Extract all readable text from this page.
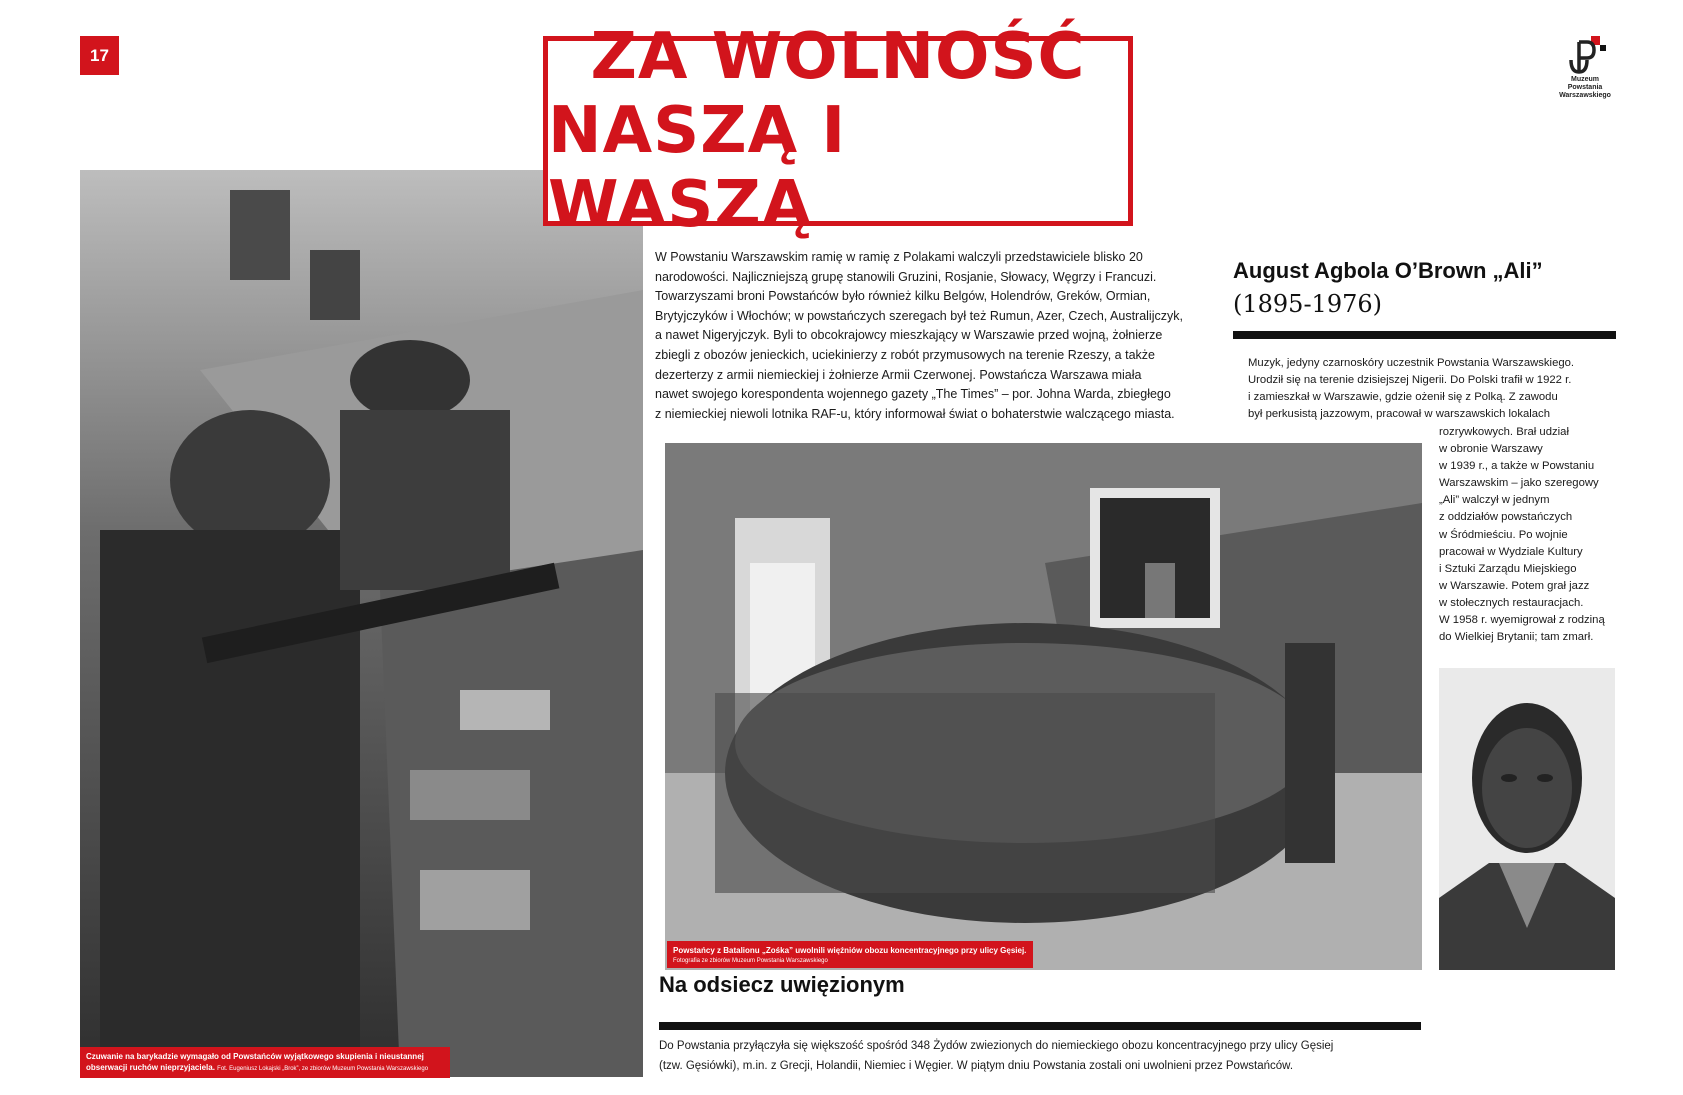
17	ZA WOLNOŚĆ
NASZĄ I WASZĄ
Muzeum
Powstania
Warszawskiego
Czuwanie na barykadzie wymagało od Powstańców wyjątkowego skupienia i nieustannej
obserwacji ruchów nieprzyjaciela. Fot. Eugeniusz Lokajski „Brok”, ze zbiorów Muzeum Powstania Warszawskiego
W Powstaniu Warszawskim ramię w ramię z Polakami walczyli przedstawiciele blisko 20
narodowości. Najliczniejszą grupę stanowili Gruzini, Rosjanie, Słowacy, Węgrzy i Francuzi.
Towarzyszami broni Powstańców było również kilku Belgów, Holendrów, Greków, Ormian,
Brytyjczyków i Włochów; w powstańczych szeregach był też Rumun, Azer, Czech, Australijczyk,
a nawet Nigeryjczyk. Byli to obcokrajowcy mieszkający w Warszawie przed wojną, żołnierze
zbiegli z obozów jenieckich, uciekinierzy z robót przymusowych na terenie Rzeszy, a także
dezerterzy z armii niemieckiej i żołnierze Armii Czerwonej. Powstańcza Warszawa miała
nawet swojego korespondenta wojennego gazety „The Times” – por. Johna Warda, zbiegłego
z niemieckiej niewoli lotnika RAF-u, który informował świat o bohaterstwie walczącego miasta.
Powstańcy z Batalionu „Zośka” uwolnili więźniów obozu koncentracyjnego przy ulicy Gęsiej.
Fotografia ze zbiorów Muzeum Powstania Warszawskiego
Na odsiecz uwięzionym
Do Powstania przyłączyła się większość spośród 348 Żydów zwiezionych do niemieckiego obozu koncentracyjnego przy ulicy Gęsiej
(tzw. Gęsiówki), m.in. z Grecji, Holandii, Niemiec i Węgier. W piątym dniu Powstania zostali oni uwolnieni przez Powstańców.
August Agbola O’Brown „Ali”
(1895-1976)
Muzyk, jedyny czarnoskóry uczestnik Powstania Warszawskiego.
Urodził się na terenie dzisiejszej Nigerii. Do Polski trafił w 1922 r.
i zamieszkał w Warszawie, gdzie ożenił się z Polką. Z zawodu
był perkusistą jazzowym, pracował w warszawskich lokalach
rozrywkowych. Brał udział
w obronie Warszawy
w 1939 r., a także w Powstaniu
Warszawskim – jako szeregowy
„Ali” walczył w jednym
z oddziałów powstańczych
w Śródmieściu. Po wojnie
pracował w Wydziale Kultury
i Sztuki Zarządu Miejskiego
w Warszawie. Potem grał jazz
w stołecznych restauracjach.
W 1958 r. wyemigrował z rodziną
do Wielkiej Brytanii; tam zmarł.
